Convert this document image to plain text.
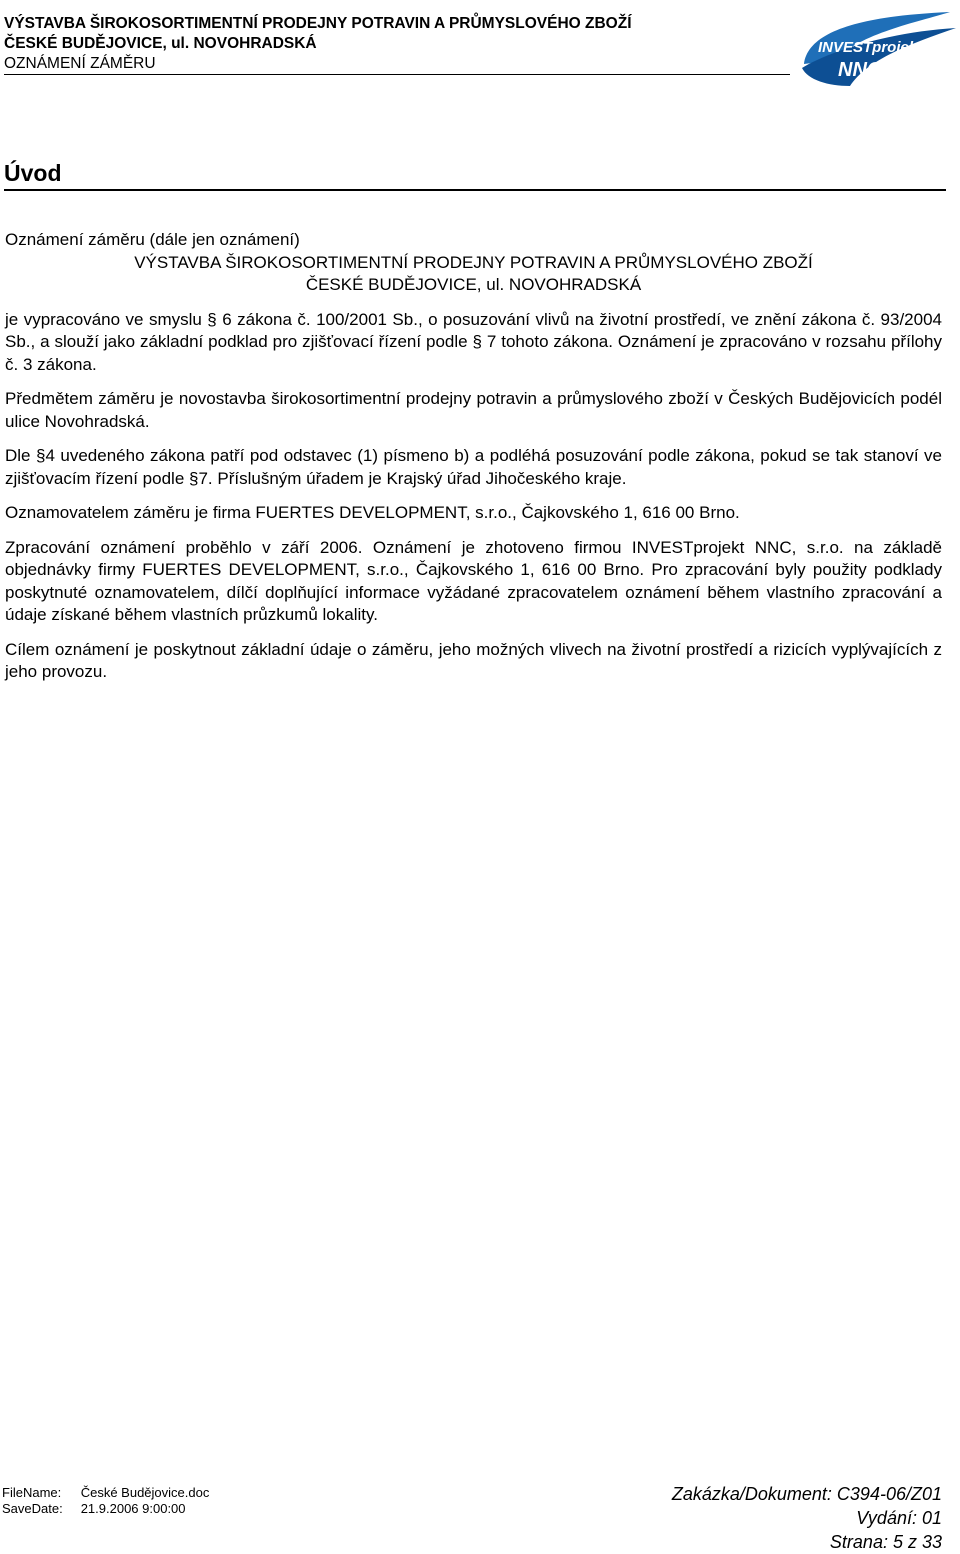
VÝSTAVBA ŠIROKOSORTIMENTNÍ PRODEJNY POTRAVIN A PRŮMYSLOVÉHO ZBOŽÍ
ČESKÉ BUDĚJOVICE, ul. NOVOHRADSKÁ
OZNÁMENÍ ZÁMĚRU
INVESTprojekt
NNC
Úvod

Oznámení záměru (dále jen oznámení)

VÝSTAVBA ŠIROKOSORTIMENTNÍ PRODEJNY POTRAVIN A PRŮMYSLOVÉHO ZBOŽÍ

ČESKÉ BUDĚJOVICE, ul. NOVOHRADSKÁ

je vypracováno ve smyslu § 6 zákona č. 100/2001 Sb., o posuzování vlivů na životní prostředí, ve znění zákona č. 93/2004 Sb., a slouží jako základní podklad pro zjišťovací řízení podle § 7 tohoto zákona. Oznámení je zpracováno v rozsahu přílohy č. 3 zákona.

Předmětem záměru je novostavba širokosortimentní prodejny potravin a průmyslového zboží v Českých Budějovicích podél ulice Novohradská.

Dle §4 uvedeného zákona patří pod odstavec (1) písmeno b) a podléhá posuzování podle zákona, pokud se tak stanoví ve zjišťovacím řízení podle §7. Příslušným úřadem je Krajský úřad Jihočeského kraje.

Oznamovatelem záměru je firma FUERTES DEVELOPMENT, s.r.o., Čajkovského 1, 616 00 Brno.

Zpracování oznámení proběhlo v září 2006. Oznámení je zhotoveno firmou INVESTprojekt NNC, s.r.o. na základě objednávky firmy FUERTES DEVELOPMENT, s.r.o., Čajkovského 1, 616 00 Brno. Pro zpracování byly použity podklady poskytnuté oznamovatelem, dílčí doplňující informace vyžádané zpracovatelem oznámení během vlastního zpracování a údaje získané během vlastních průzkumů lokality.

Cílem oznámení je poskytnout základní údaje o záměru, jeho možných vlivech na životní prostředí a rizicích vyplývajících z jeho provozu.

FileName:	České Budějovice.doc
SaveDate:	21.9.2006 9:00:00
Zakázka/Dokument: C394-06/Z01
Vydání: 01
Strana: 5 z 33
